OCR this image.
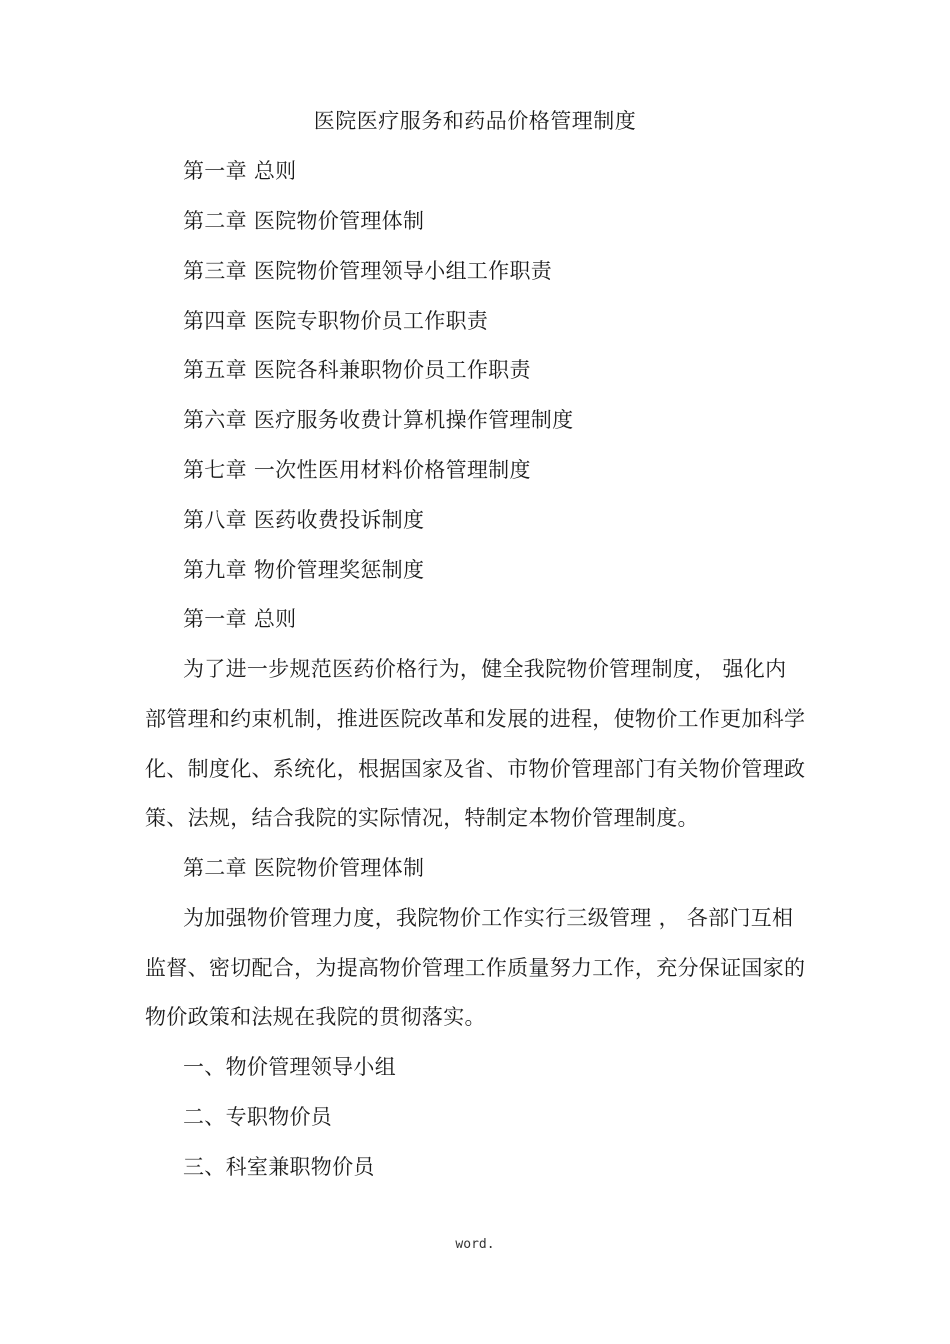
医院医疗服务和药品价格管理制度
第一章 总则
第二章 医院物价管理体制
第三章 医院物价管理领导小组工作职责
第四章 医院专职物价员工作职责
第五章 医院各科兼职物价员工作职责
第六章 医疗服务收费计算机操作管理制度
第七章 一次性医用材料价格管理制度
第八章 医药收费投诉制度
第九章 物价管理奖惩制度
第一章 总则
为了进一步规范医药价格行为，健全我院物价管理制度， 强化内
部管理和约束机制，推进医院改革和发展的进程，使物价工作更加科学
化、制度化、系统化，根据国家及省、市物价管理部门有关物价管理政
策、法规，结合我院的实际情况，特制定本物价管理制度。
第二章 医院物价管理体制
为加强物价管理力度，我院物价工作实行三级管理 ， 各部门互相
监督、密切配合，为提高物价管理工作质量努力工作，充分保证国家的
物价政策和法规在我院的贯彻落实。
一、物价管理领导小组
二、专职物价员
三、科室兼职物价员
word.
